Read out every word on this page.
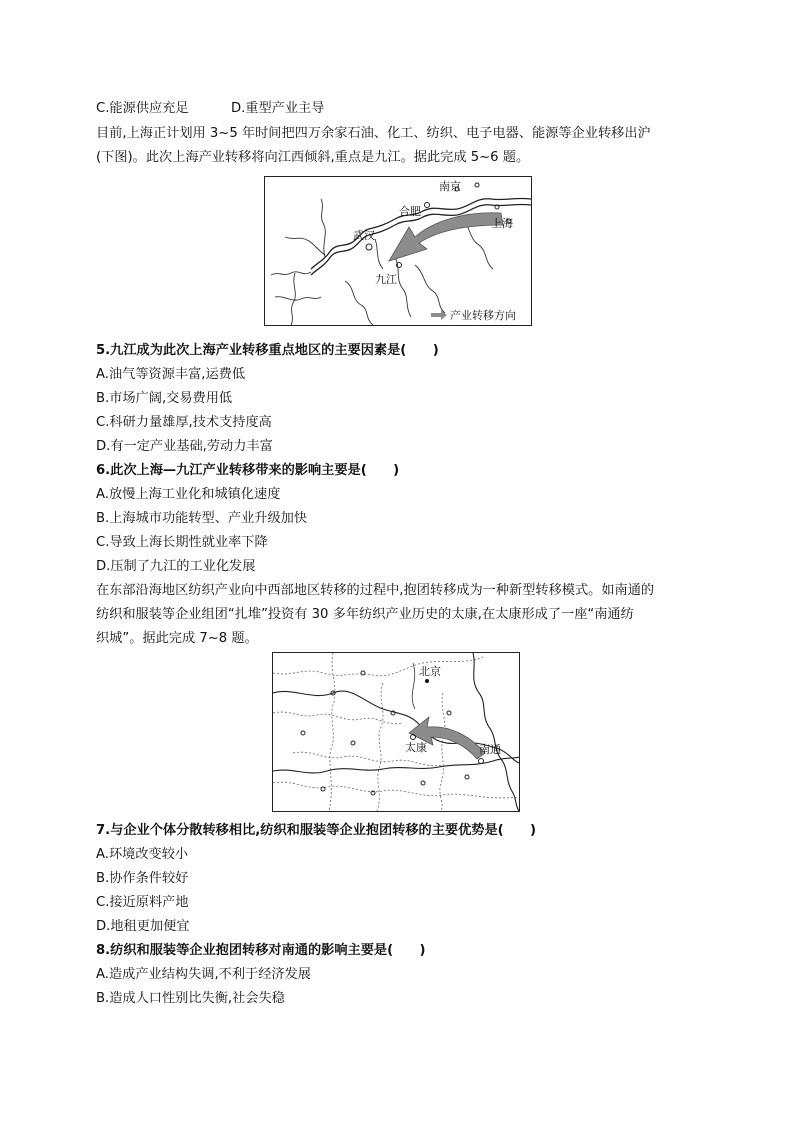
C.能源供应充足	D.重型产业主导
目前,上海正计划用 3~5 年时间把四万余家石油、化工、纺织、电子电器、能源等企业转移出沪
(下图)。此次上海产业转移将向江西倾斜,重点是九江。据此完成 5~6 题。
南京
合肥
上海
武汉
九江
产业转移方向
5.九江成为此次上海产业转移重点地区的主要因素是(　　)
A.油气等资源丰富,运费低
B.市场广阔,交易费用低
C.科研力量雄厚,技术支持度高
D.有一定产业基础,劳动力丰富
6.此次上海—九江产业转移带来的影响主要是(　　)
A.放慢上海工业化和城镇化速度
B.上海城市功能转型、产业升级加快
C.导致上海长期性就业率下降
D.压制了九江的工业化发展
在东部沿海地区纺织产业向中西部地区转移的过程中,抱团转移成为一种新型转移模式。如南通的
纺织和服装等企业组团“扎堆”投资有 30 多年纺织产业历史的太康,在太康形成了一座“南通纺
织城”。据此完成 7~8 题。
北京
太康	南通
7.与企业个体分散转移相比,纺织和服装等企业抱团转移的主要优势是(　　)
A.环境改变较小
B.协作条件较好
C.接近原料产地
D.地租更加便宜
8.纺织和服装等企业抱团转移对南通的影响主要是(　　)
A.造成产业结构失调,不利于经济发展
B.造成人口性别比失衡,社会失稳
